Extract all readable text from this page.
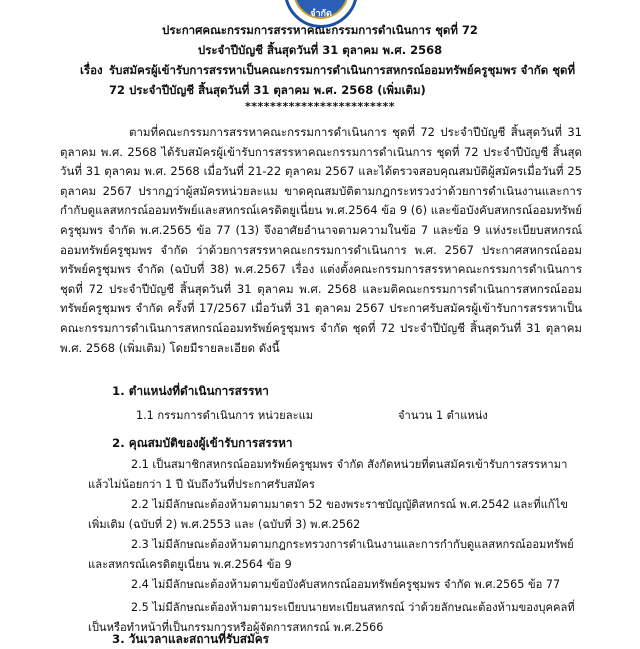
จำกัด
ประกาศคณะกรรมการสรรหาคณะกรรมการดำเนินการ ชุดที่ 72
ประจำปีบัญชี สิ้นสุดวันที่ 31 ตุลาคม พ.ศ. 2568
เรื่อง รับสมัครผู้เข้ารับการสรรหาเป็นคณะกรรมการดำเนินการสหกรณ์ออมทรัพย์ครูชุมพร จำกัด ชุดที่ 72 ประจำปีบัญชี สิ้นสุดวันที่ 31 ตุลาคม พ.ศ. 2568 (เพิ่มเติม)
************************

ตามที่คณะกรรมการสรรหาคณะกรรมการดำเนินการ ชุดที่ 72 ประจำปีบัญชี สิ้นสุดวันที่ 31 ตุลาคม พ.ศ. 2568 ได้รับสมัครผู้เข้ารับการสรรหาคณะกรรมการดำเนินการ ชุดที่ 72 ประจำปีบัญชี สิ้นสุดวันที่ 31 ตุลาคม พ.ศ. 2568 เมื่อวันที่ 21-22 ตุลาคม 2567 และได้ตรวจสอบคุณสมบัติผู้สมัครเมื่อวันที่ 25 ตุลาคม 2567 ปรากฏว่าผู้สมัครหน่วยละแม ขาดคุณสมบัติตามกฎกระทรวงว่าด้วยการดำเนินงานและการกำกับดูแลสหกรณ์ออมทรัพย์และสหกรณ์เครดิตยูเนี่ยน พ.ศ.2564 ข้อ 9 (6) และข้อบังคับสหกรณ์ออมทรัพย์ครูชุมพร จำกัด พ.ศ.2565 ข้อ 77 (13) จึงอาศัยอำนาจตามความในข้อ 7 และข้อ 9 แห่งระเบียบสหกรณ์ออมทรัพย์ครูชุมพร จำกัด ว่าด้วยการสรรหาคณะกรรมการดำเนินการ พ.ศ. 2567 ประกาศสหกรณ์ออมทรัพย์ครูชุมพร จำกัด (ฉบับที่ 38) พ.ศ.2567 เรื่อง แต่งตั้งคณะกรรมการสรรหาคณะกรรมการดำเนินการ ชุดที่ 72 ประจำปีบัญชี สิ้นสุดวันที่ 31 ตุลาคม พ.ศ. 2568 และมติคณะกรรมการดำเนินการสหกรณ์ออมทรัพย์ครูชุมพร จำกัด ครั้งที่ 17/2567 เมื่อวันที่ 31 ตุลาคม 2567 ประกาศรับสมัครผู้เข้ารับการสรรหาเป็นคณะกรรมการดำเนินการสหกรณ์ออมทรัพย์ครูชุมพร จำกัด ชุดที่ 72 ประจำปีบัญชี สิ้นสุดวันที่ 31 ตุลาคม พ.ศ. 2568 (เพิ่มเติม) โดยมีรายละเอียด ดังนี้

1. ตำแหน่งที่ดำเนินการสรรหา
1.1 กรรมการดำเนินการ หน่วยละแม	จำนวน 1 ตำแหน่ง
2. คุณสมบัติของผู้เข้ารับการสรรหา
2.1 เป็นสมาชิกสหกรณ์ออมทรัพย์ครูชุมพร จำกัด สังกัดหน่วยที่ตนสมัครเข้ารับการสรรหามาแล้วไม่น้อยกว่า 1 ปี นับถึงวันที่ประกาศรับสมัคร
2.2 ไม่มีลักษณะต้องห้ามตามมาตรา 52 ของพระราชบัญญัติสหกรณ์ พ.ศ.2542 และที่แก้ไขเพิ่มเติม (ฉบับที่ 2) พ.ศ.2553 และ (ฉบับที่ 3) พ.ศ.2562
2.3 ไม่มีลักษณะต้องห้ามตามกฎกระทรวงการดำเนินงานและการกำกับดูแลสหกรณ์ออมทรัพย์และสหกรณ์เครดิตยูเนี่ยน พ.ศ.2564 ข้อ 9
2.4 ไม่มีลักษณะต้องห้ามตามข้อบังคับสหกรณ์ออมทรัพย์ครูชุมพร จำกัด พ.ศ.2565 ข้อ 77
2.5 ไม่มีลักษณะต้องห้ามตามระเบียบนายทะเบียนสหกรณ์ ว่าด้วยลักษณะต้องห้ามของบุคคลที่เป็นหรือทำหน้าที่เป็นกรรมการหรือผู้จัดการสหกรณ์ พ.ศ.2566
3. วันเวลาและสถานที่รับสมัคร
